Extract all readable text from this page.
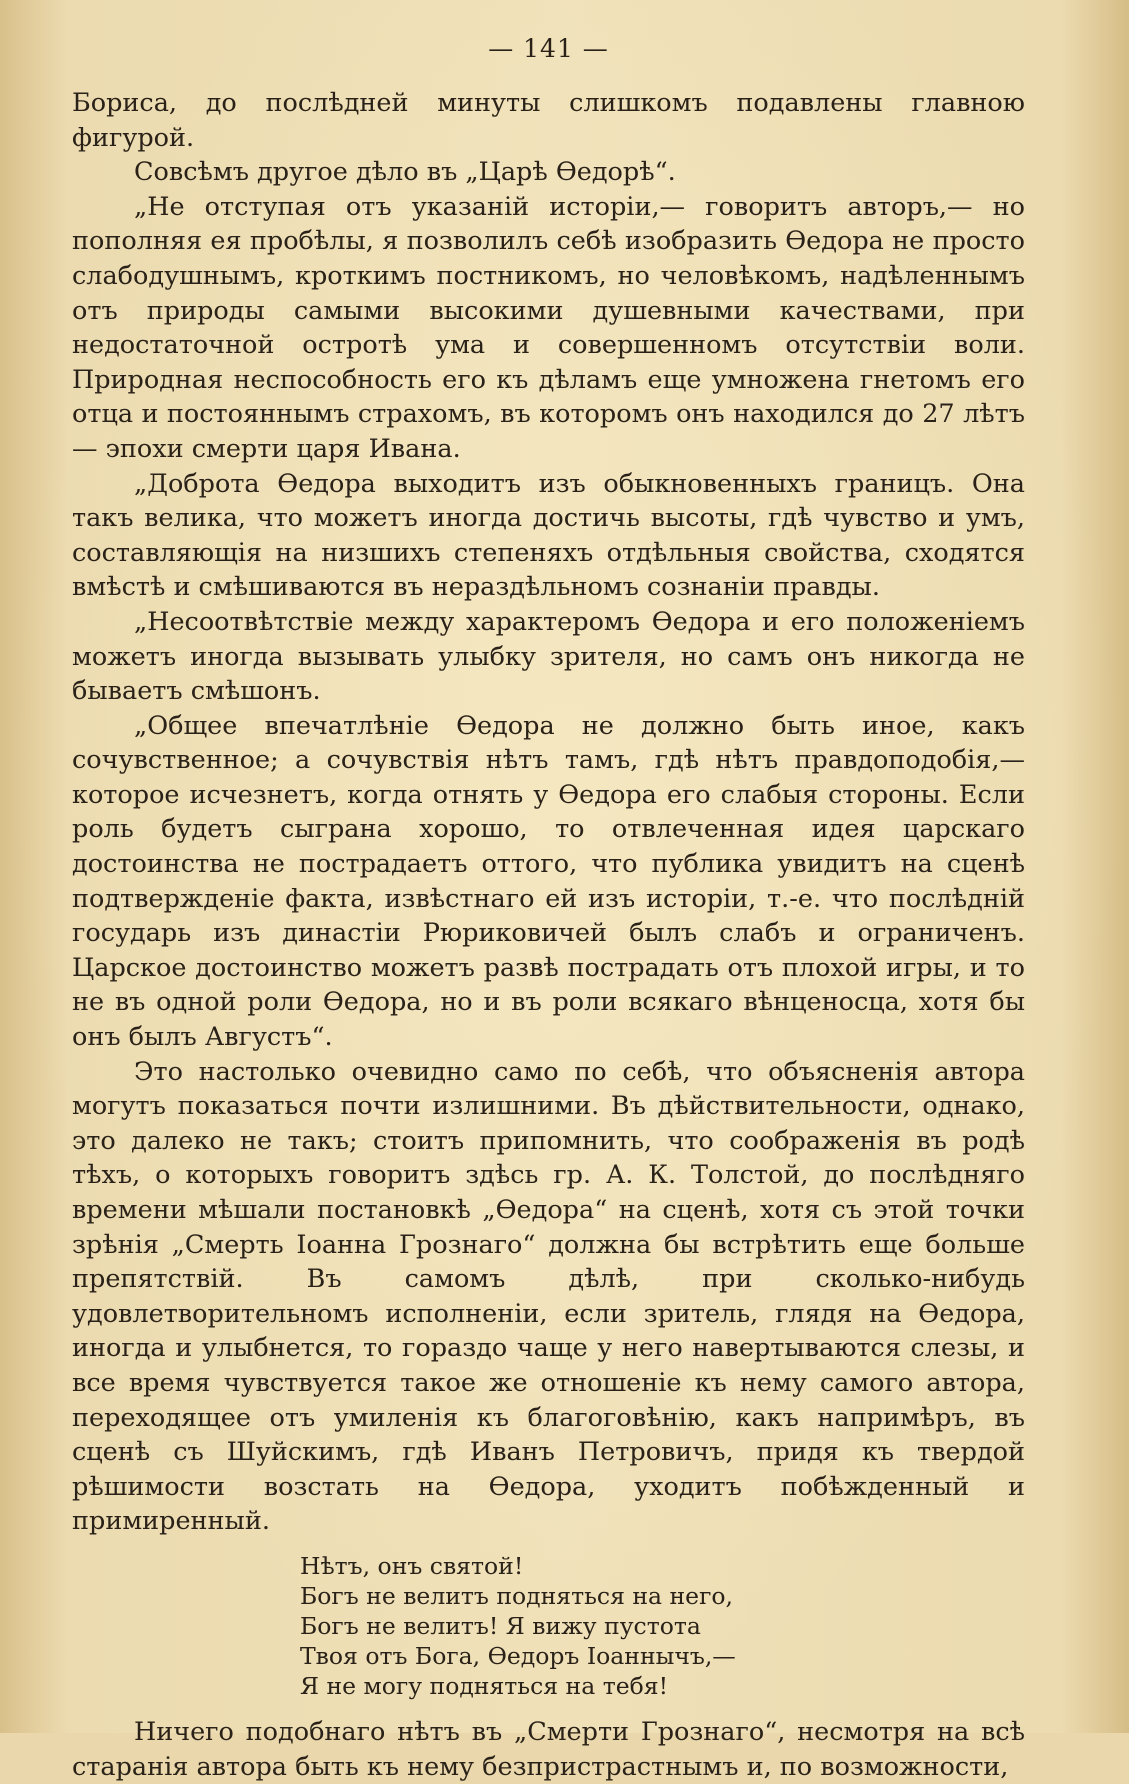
— 141 —

Бориса, до послѣдней минуты слишкомъ подавлены главною фигурой.

Совсѣмъ другое дѣло въ „Царѣ Ѳедорѣ“.

„Не отступая отъ указаній исторіи,— говоритъ авторъ,— но пополняя ея пробѣлы, я позволилъ себѣ изобразить Ѳедора не просто слабодушнымъ, кроткимъ постникомъ, но человѣкомъ, надѣленнымъ отъ природы самыми высокими душевными качествами, при недостаточной остротѣ ума и совершенномъ отсутствіи воли. Природная неспособность его къ дѣламъ еще умножена гнетомъ его отца и постояннымъ страхомъ, въ которомъ онъ находился до 27 лѣтъ — эпохи смерти царя Ивана.

„Доброта Ѳедора выходитъ изъ обыкновенныхъ границъ. Она такъ велика, что можетъ иногда достичь высоты, гдѣ чувство и умъ, составляющія на низшихъ степеняхъ отдѣльныя свойства, сходятся вмѣстѣ и смѣшиваются въ нераздѣльномъ сознаніи правды.

„Несоотвѣтствіе между характеромъ Ѳедора и его положеніемъ можетъ иногда вызывать улыбку зрителя, но самъ онъ никогда не бываетъ смѣшонъ.

„Общее впечатлѣніе Ѳедора не должно быть иное, какъ сочувственное; а сочувствія нѣтъ тамъ, гдѣ нѣтъ правдоподобія,— которое исчезнетъ, когда отнять у Ѳедора его слабыя стороны. Если роль будетъ сыграна хорошо, то отвлеченная идея царскаго достоинства не пострадаетъ оттого, что публика увидитъ на сценѣ подтвержденіе факта, извѣстнаго ей изъ исторіи, т.-е. что послѣдній государь изъ династіи Рюриковичей былъ слабъ и ограниченъ. Царское достоинство можетъ развѣ пострадать отъ плохой игры, и то не въ одной роли Ѳедора, но и въ роли всякаго вѣнценосца, хотя бы онъ былъ Августъ“.

Это настолько очевидно само по себѣ, что объясненія автора могутъ показаться почти излишними. Въ дѣйствительности, однако, это далеко не такъ; стоитъ припомнить, что соображенія въ родѣ тѣхъ, о которыхъ говоритъ здѣсь гр. А. К. Толстой, до послѣдняго времени мѣшали постановкѣ „Ѳедора“ на сценѣ, хотя съ этой точки зрѣнія „Смерть Іоанна Грознаго“ должна бы встрѣтить еще больше препятствій. Въ самомъ дѣлѣ, при сколько-нибудь удовлетворительномъ исполненіи, если зритель, глядя на Ѳедора, иногда и улыбнется, то гораздо чаще у него навертываются слезы, и все время чувствуется такое же отношеніе къ нему самого автора, переходящее отъ умиленія къ благоговѣнію, какъ напримѣръ, въ сценѣ съ Шуйскимъ, гдѣ Иванъ Петровичъ, придя къ твердой рѣшимости возстать на Ѳедора, уходитъ побѣжденный и примиренный.

Нѣтъ, онъ святой!
Богъ не велитъ подняться на него,
Богъ не велитъ! Я вижу пустота
Твоя отъ Бога, Ѳедоръ Іоаннычъ,—
Я не могу подняться на тебя!

Ничего подобнаго нѣтъ въ „Смерти Грознаго“, несмотря на всѣ старанія автора быть къ нему безпристрастнымъ и, по возможности,
